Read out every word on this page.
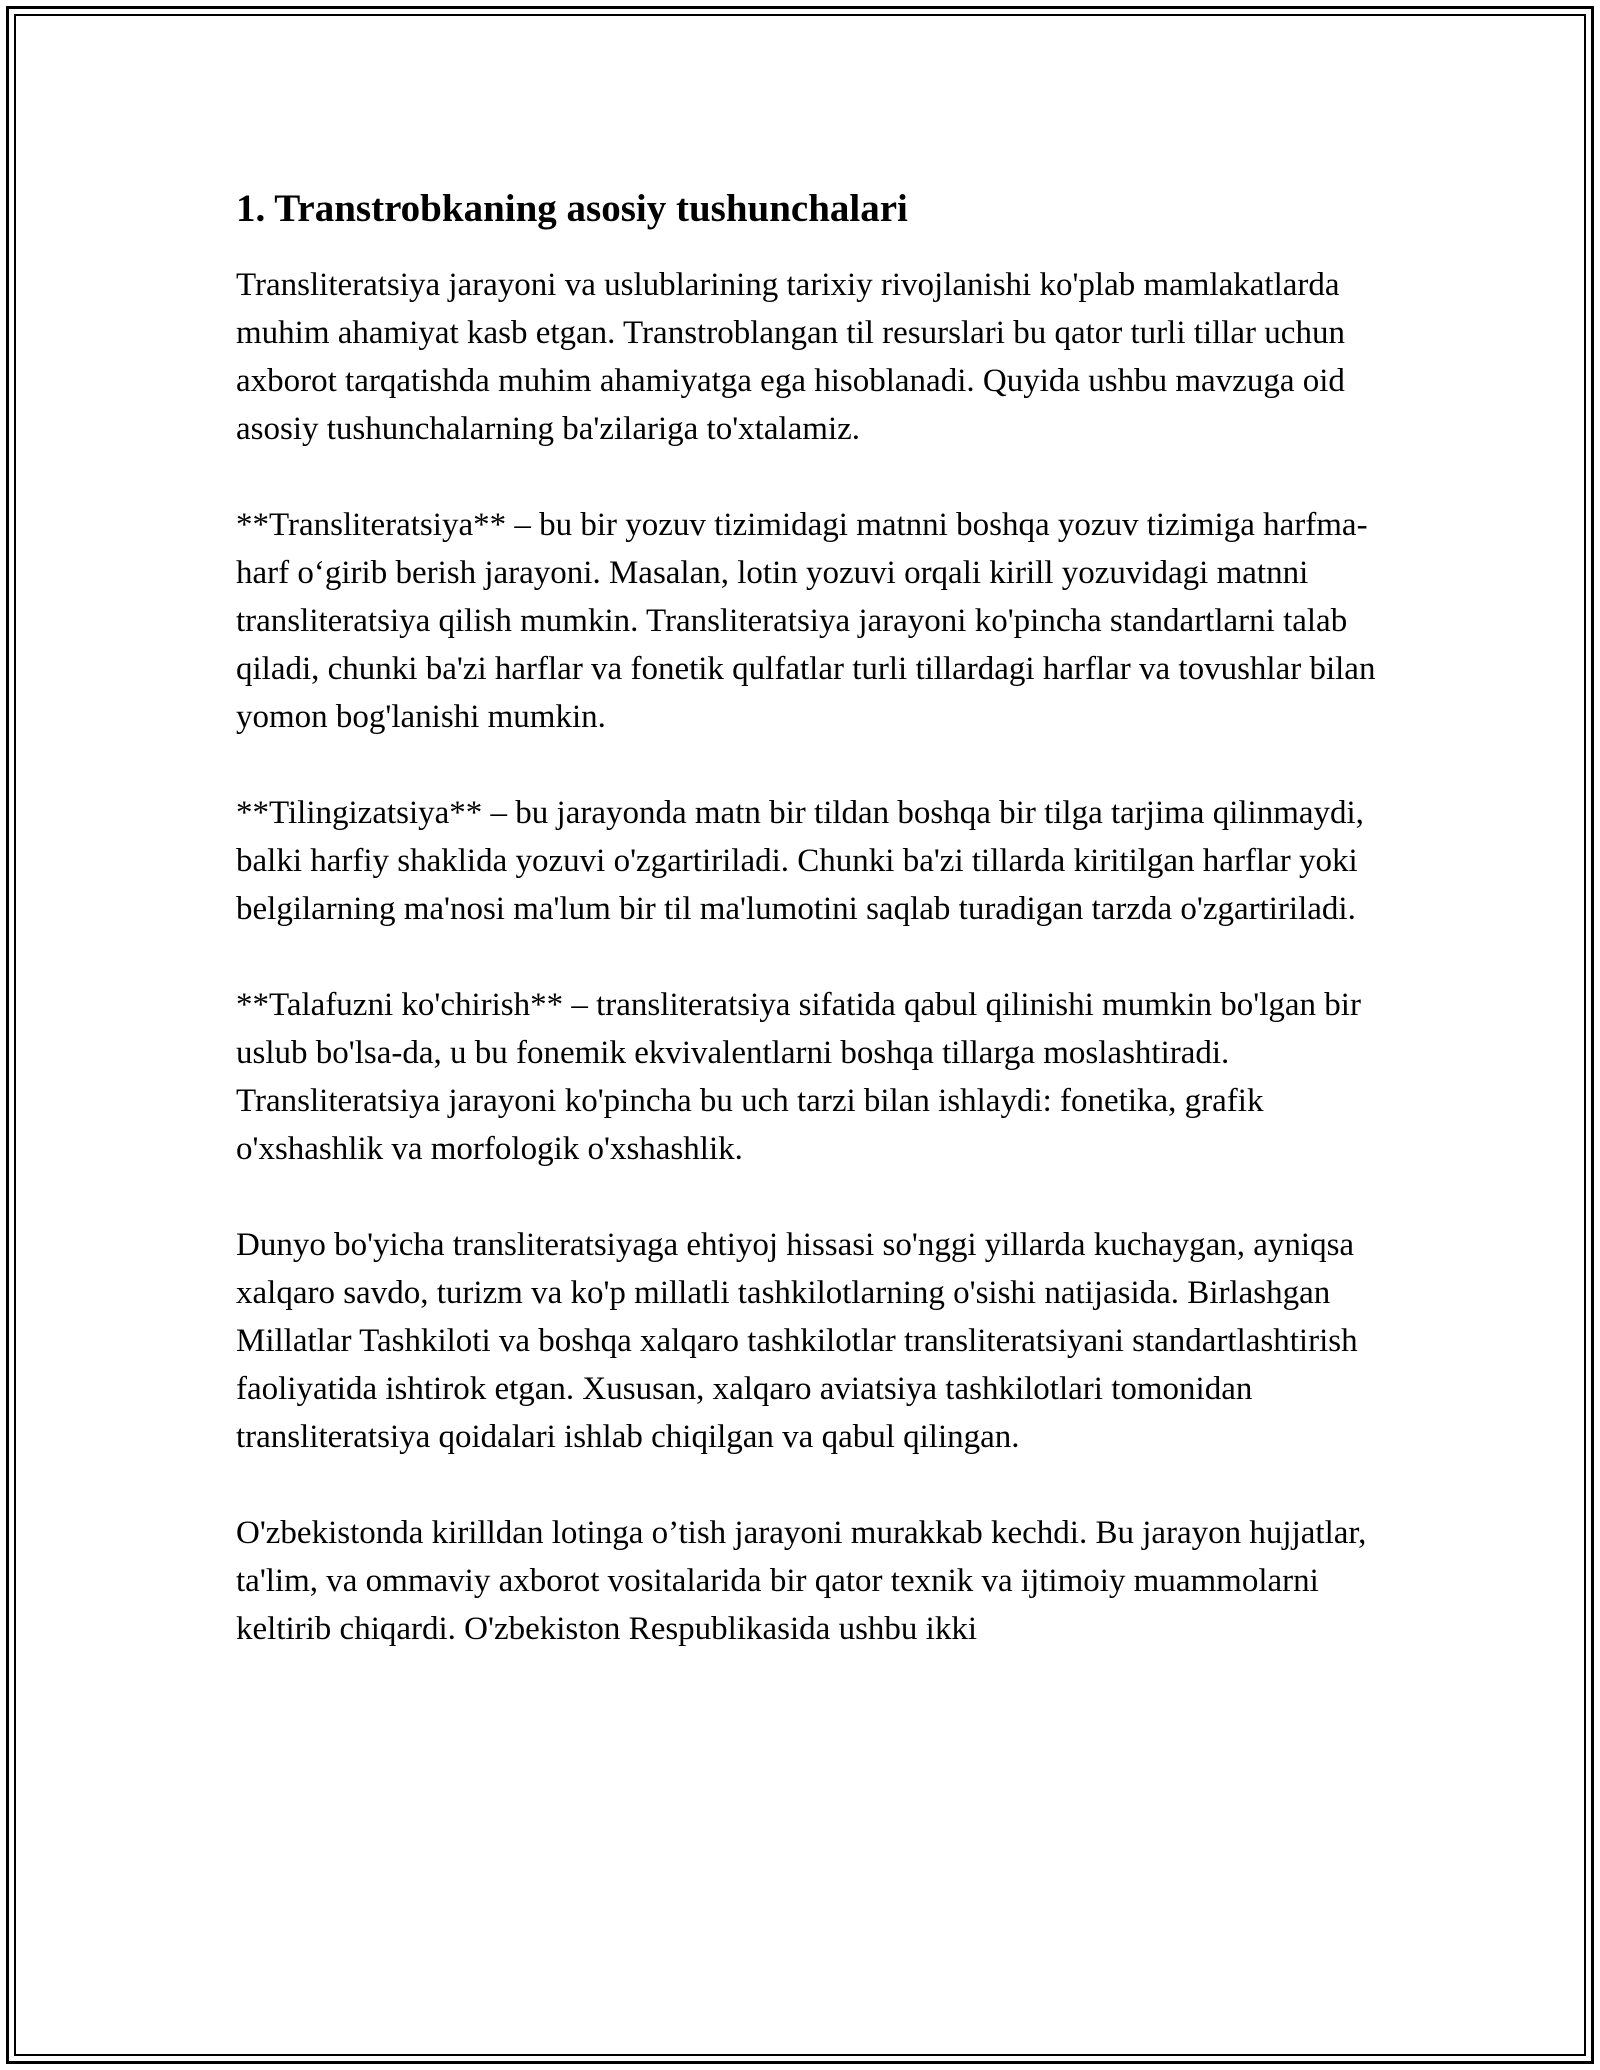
1. Transtrobkaning asosiy tushunchalari

Transliteratsiya jarayoni va uslublarining tarixiy rivojlanishi ko'plab mamlakatlarda muhim ahamiyat kasb etgan. Transtroblangan til resurslari bu qator turli tillar uchun axborot tarqatishda muhim ahamiyatga ega hisoblanadi. Quyida ushbu mavzuga oid asosiy tushunchalarning ba'zilariga to'xtalamiz.

**Transliteratsiya** – bu bir yozuv tizimidagi matnni boshqa yozuv tizimiga harfma-harf oʻgirib berish jarayoni. Masalan, lotin yozuvi orqali kirill yozuvidagi matnni transliteratsiya qilish mumkin. Transliteratsiya jarayoni ko'pincha standartlarni talab qiladi, chunki ba'zi harflar va fonetik qulfatlar turli tillardagi harflar va tovushlar bilan yomon bog'lanishi mumkin.

**Tilingizatsiya** – bu jarayonda matn bir tildan boshqa bir tilga tarjima qilinmaydi, balki harfiy shaklida yozuvi o'zgartiriladi. Chunki ba'zi tillarda kiritilgan harflar yoki belgilarning ma'nosi ma'lum bir til ma'lumotini saqlab turadigan tarzda o'zgartiriladi.

**Talafuzni ko'chirish** – transliteratsiya sifatida qabul qilinishi mumkin bo'lgan bir uslub bo'lsa-da, u bu fonemik ekvivalentlarni boshqa tillarga moslashtiradi. Transliteratsiya jarayoni ko'pincha bu uch tarzi bilan ishlaydi: fonetika, grafik o'xshashlik va morfologik o'xshashlik.

Dunyo bo'yicha transliteratsiyaga ehtiyoj hissasi so'nggi yillarda kuchaygan, ayniqsa xalqaro savdo, turizm va ko'p millatli tashkilotlarning o'sishi natijasida. Birlashgan Millatlar Tashkiloti va boshqa xalqaro tashkilotlar transliteratsiyani standartlashtirish faoliyatida ishtirok etgan. Xususan, xalqaro aviatsiya tashkilotlari tomonidan transliteratsiya qoidalari ishlab chiqilgan va qabul qilingan.

O'zbekistonda kirilldan lotinga o’tish jarayoni murakkab kechdi. Bu jarayon hujjatlar, ta'lim, va ommaviy axborot vositalarida bir qator texnik va ijtimoiy muammolarni keltirib chiqardi. O'zbekiston Respublikasida ushbu ikki
